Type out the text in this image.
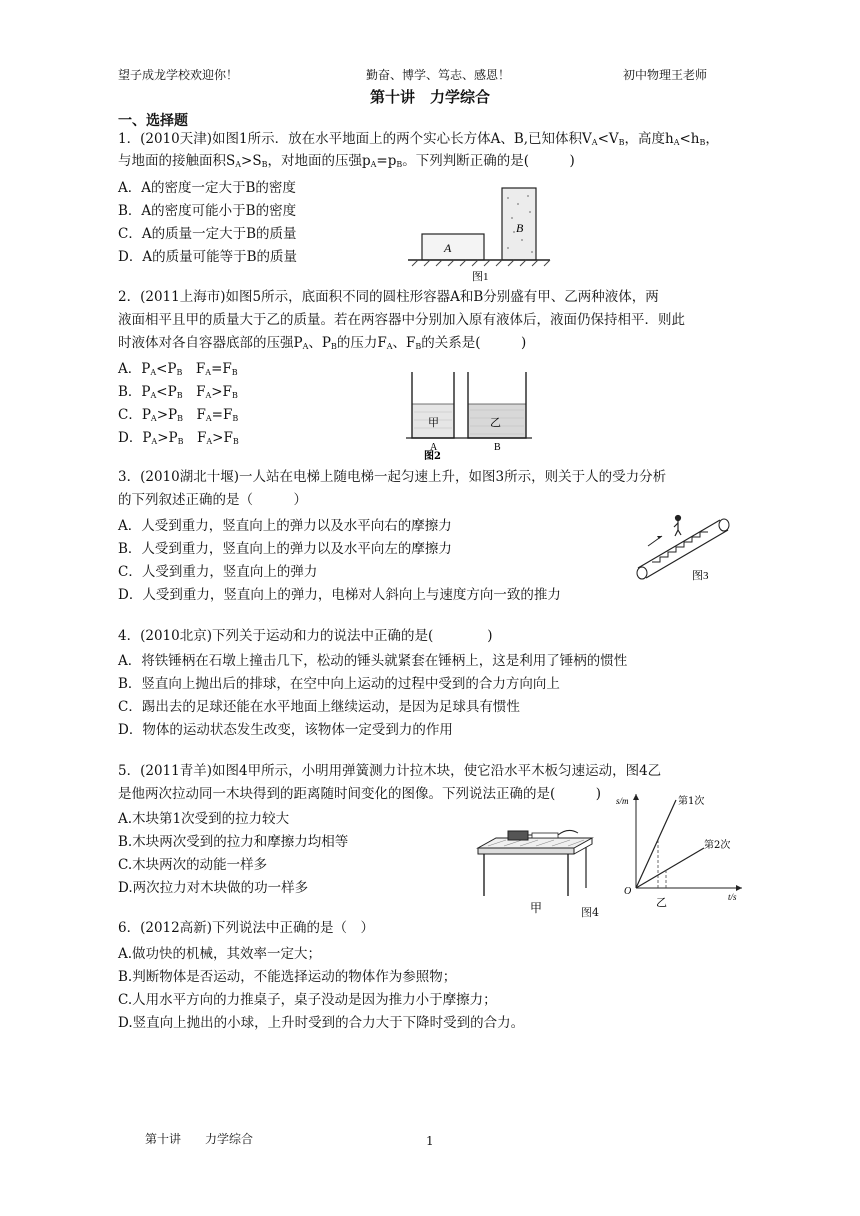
望子成龙学校欢迎你！	勤奋、博学、笃志、感恩！	初中物理王老师
第十讲　力学综合
一、选择题
1．(2010天津)如图1所示．放在水平地面上的两个实心长方体A、B,已知体积$V_A<V_B$，高度$h_A<h_B$，
与地面的接触面积$S_A>S_B$，对地面的压强$p_A=p_B$。下列判断正确的是(　　　)
A．A的密度一定大于B的密度
B．A的密度可能小于B的密度
C．A的质量一定大于B的质量
D．A的质量可能等于B的质量
A
B
图1
2．(2011上海市)如图5所示，底面积不同的圆柱形容器A和B分别盛有甲、乙两种液体，两
液面相平且甲的质量大于乙的质量。若在两容器中分别加入原有液体后，液面仍保持相平．则此
时液体对各自容器底部的压强$P_A$、$P_B$的压力$F_A$、$F_B$的关系是(　　　)
A．$P_A<P_B$　 $F_A=F_B$
B．$P_A<P_B$　 $F_A>F_B$
C．$P_A>P_B$　 $F_A=F_B$
D．$P_A>P_B$　 $F_A>F_B$
甲	乙
A	B
图2
3．(2010湖北十堰)一人站在电梯上随电梯一起匀速上升，如图3所示，则关于人的受力分析
的下列叙述正确的是（　　　）
A．人受到重力，竖直向上的弹力以及水平向右的摩擦力
B．人受到重力，竖直向上的弹力以及水平向左的摩擦力
C．人受到重力，竖直向上的弹力
D．人受到重力，竖直向上的弹力，电梯对人斜向上与速度方向一致的推力
图3
4．(2010北京)下列关于运动和力的说法中正确的是(　　　　)
A．将铁锤柄在石墩上撞击几下，松动的锤头就紧套在锤柄上，这是利用了锤柄的惯性
B．竖直向上抛出后的排球，在空中向上运动的过程中受到的合力方向向上
C．踢出去的足球还能在水平地面上继续运动，是因为足球具有惯性
D．物体的运动状态发生改变，该物体一定受到力的作用
5．(2011青羊)如图4甲所示，小明用弹簧测力计拉木块，使它沿水平木板匀速运动，图4乙
是他两次拉动同一木块得到的距离随时间变化的图像。下列说法正确的是(　　　)
A.木块第1次受到的拉力较大
B.木块两次受到的拉力和摩擦力均相等
C.木块两次的动能一样多
D.两次拉力对木块做的功一样多
甲
s/m
t/s
O
第1次
第2次
乙
图4
6．(2012高新)下列说法中正确的是（　）
A.做功快的机械，其效率一定大；
B.判断物体是否运动，不能选择运动的物体作为参照物；
C.人用水平方向的力推桌子，桌子没动是因为推力小于摩擦力；
D.竖直向上抛出的小球，上升时受到的合力大于下降时受到的合力。
第十讲　　力学综合	1
